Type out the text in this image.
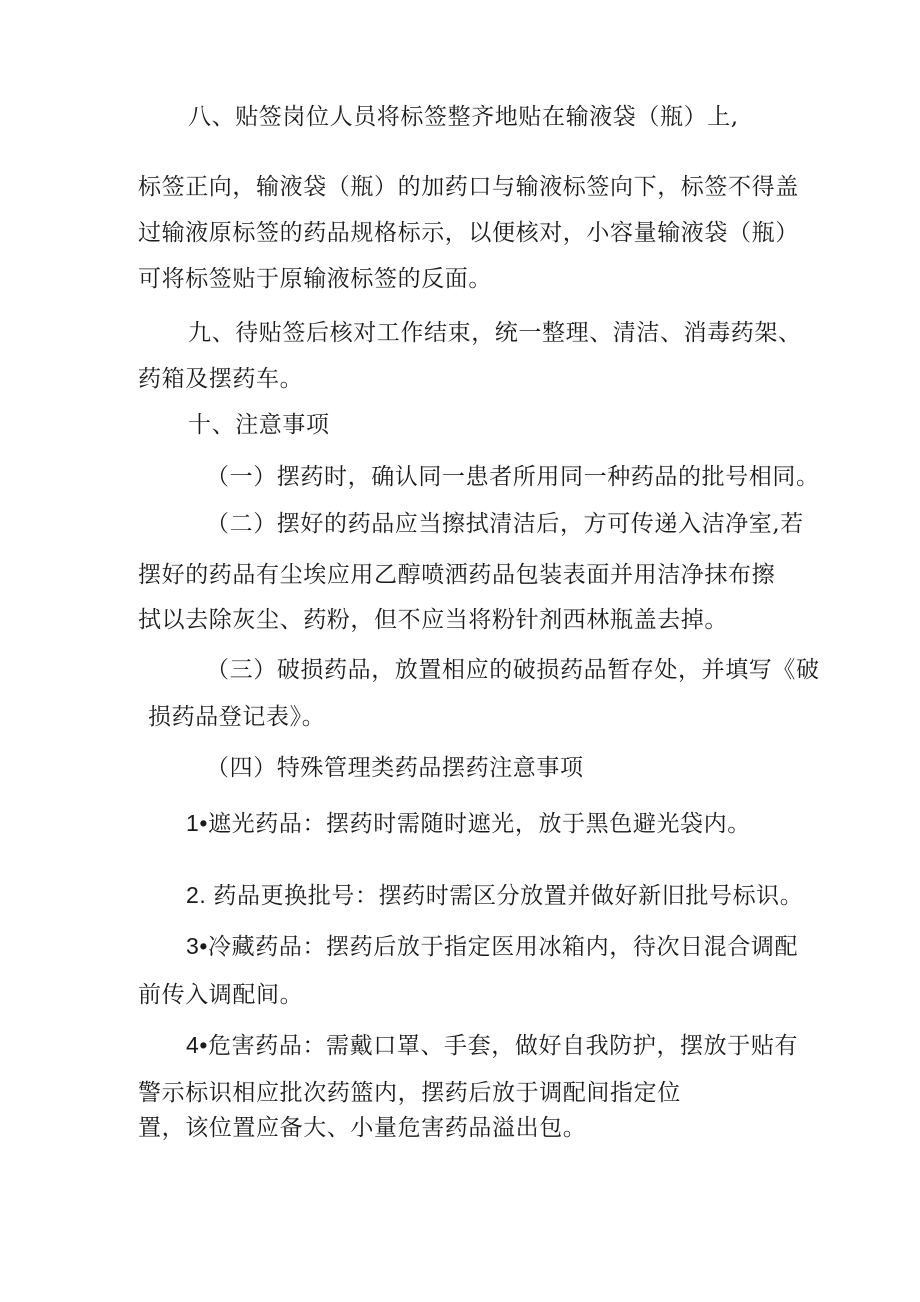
八、贴签岗位人员将标签整齐地贴在输液袋（瓶）上,
标签正向，输液袋（瓶）的加药口与输液标签向下，标签不得盖
过输液原标签的药品规格标示，以便核对，小容量输液袋（瓶）
可将标签贴于原输液标签的反面。
九、待贴签后核对工作结束，统一整理、清洁、消毒药架、
药箱及摆药车。
十、注意事项
（一）摆药时，确认同一患者所用同一种药品的批号相同。
（二）摆好的药品应当擦拭清洁后，方可传递入洁净室,若
摆好的药品有尘埃应用乙醇喷洒药品包装表面并用洁净抹布擦
拭以去除灰尘、药粉，但不应当将粉针剂西林瓶盖去掉。
（三）破损药品，放置相应的破损药品暂存处，并填写《破
损药品登记表》。
（四）特殊管理类药品摆药注意事项
1•遮光药品：摆药时需随时遮光，放于黑色避光袋内。
2. 药品更换批号：摆药时需区分放置并做好新旧批号标识。
3•冷藏药品：摆药后放于指定医用冰箱内，待次日混合调配
前传入调配间。
4•危害药品：需戴口罩、手套，做好自我防护，摆放于贴有
警示标识相应批次药篮内，摆药后放于调配间指定位
置，该位置应备大、小量危害药品溢出包。
